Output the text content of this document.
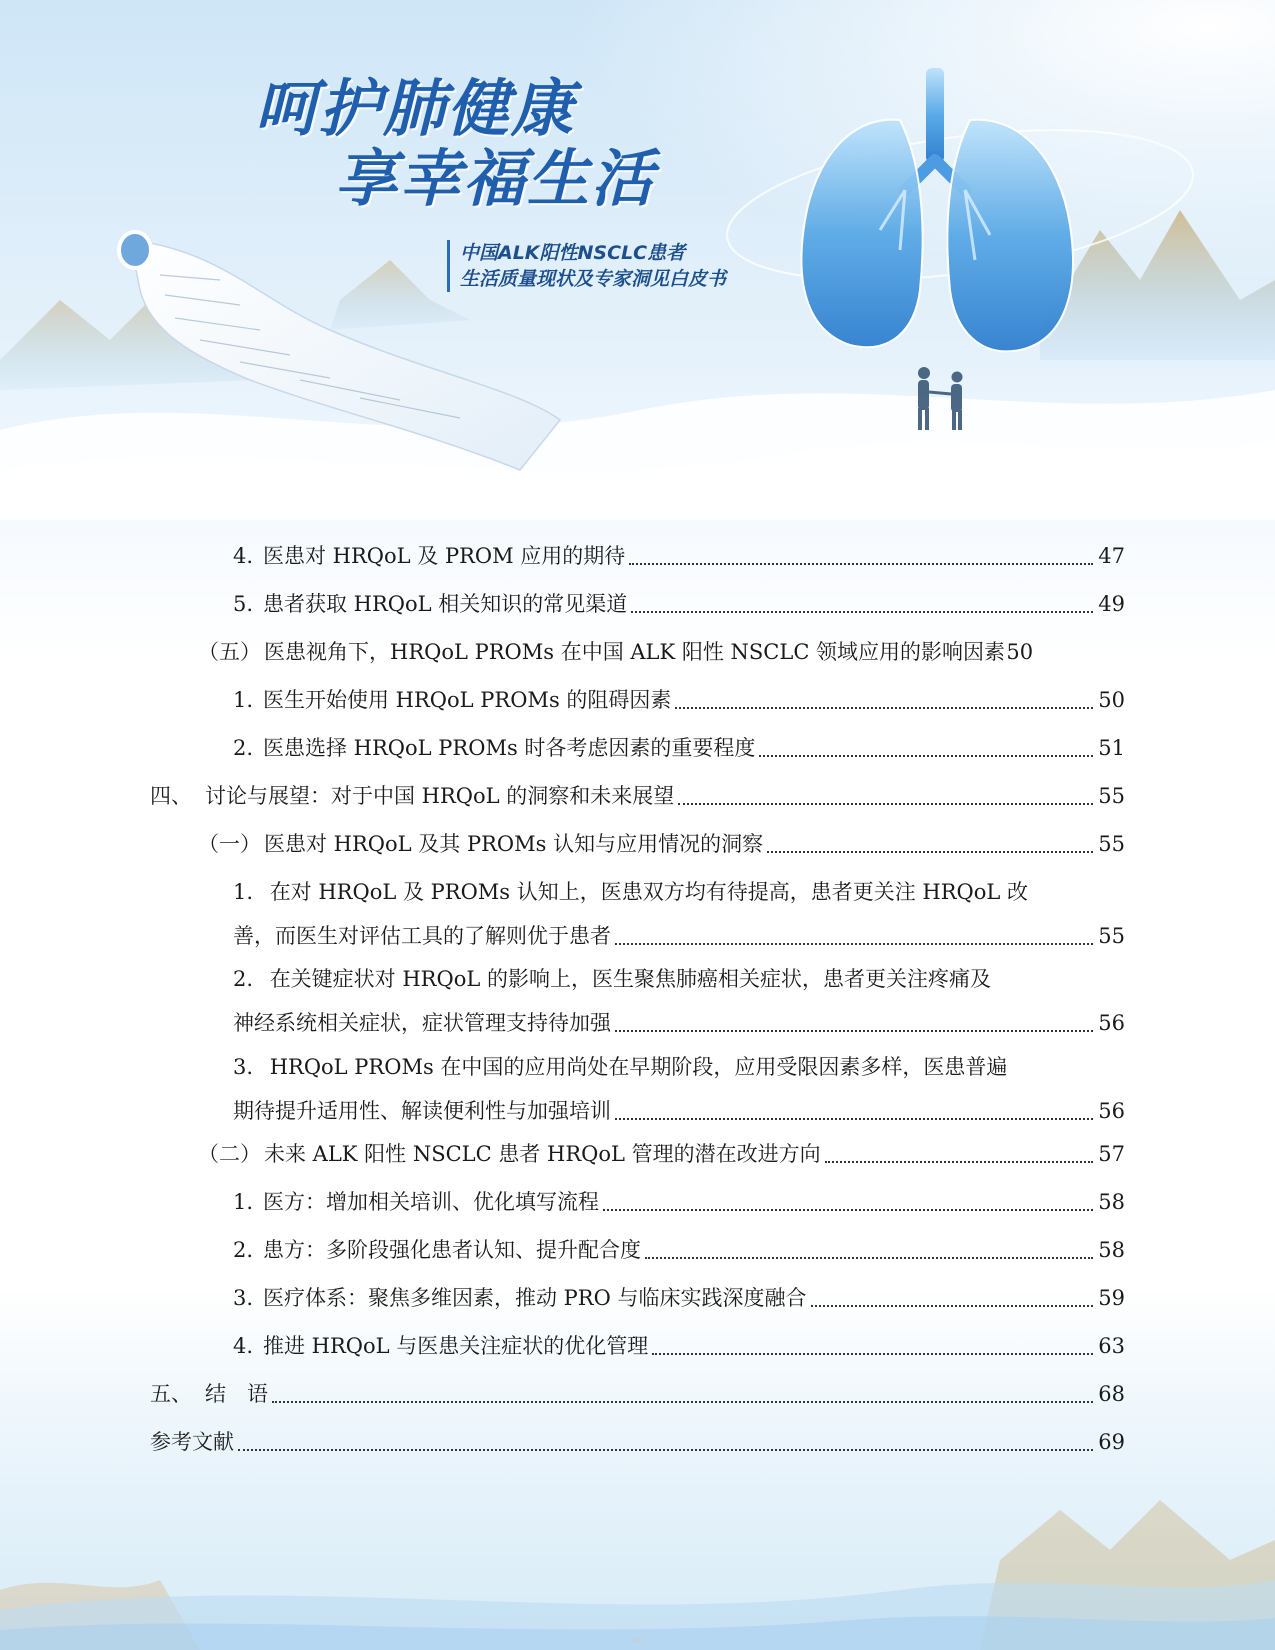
呵护肺健康
享幸福生活
中国ALK阳性NSCLC患者
生活质量现状及专家洞见白皮书
4. 医患对 HRQoL 及 PROM 应用的期待	47
5. 患者获取 HRQoL 相关知识的常见渠道	49
（五） 医患视角下，HRQoL PROMs 在中国 ALK 阳性 NSCLC 领域应用的影响因素 50
1. 医生开始使用 HRQoL PROMs 的阻碍因素	50
2. 医患选择 HRQoL PROMs 时各考虑因素的重要程度	51
四、 讨论与展望：对于中国 HRQoL 的洞察和未来展望	55
（一） 医患对 HRQoL 及其 PROMs 认知与应用情况的洞察	55
1. 在对 HRQoL 及 PROMs 认知上，医患双方均有待提高，患者更关注 HRQoL 改
善，而医生对评估工具的了解则优于患者	55
2. 在关键症状对 HRQoL 的影响上，医生聚焦肺癌相关症状，患者更关注疼痛及
神经系统相关症状，症状管理支持待加强	56
3. HRQoL PROMs 在中国的应用尚处在早期阶段，应用受限因素多样，医患普遍
期待提升适用性、解读便利性与加强培训	56
（二） 未来 ALK 阳性 NSCLC 患者 HRQoL 管理的潜在改进方向	57
1. 医方：增加相关培训、优化填写流程	58
2. 患方：多阶段强化患者认知、提升配合度	58
3. 医疗体系：聚焦多维因素，推动 PRO 与临床实践深度融合	59
4. 推进 HRQoL 与医患关注症状的优化管理	63
五、 结　语	68
参考文献	69
